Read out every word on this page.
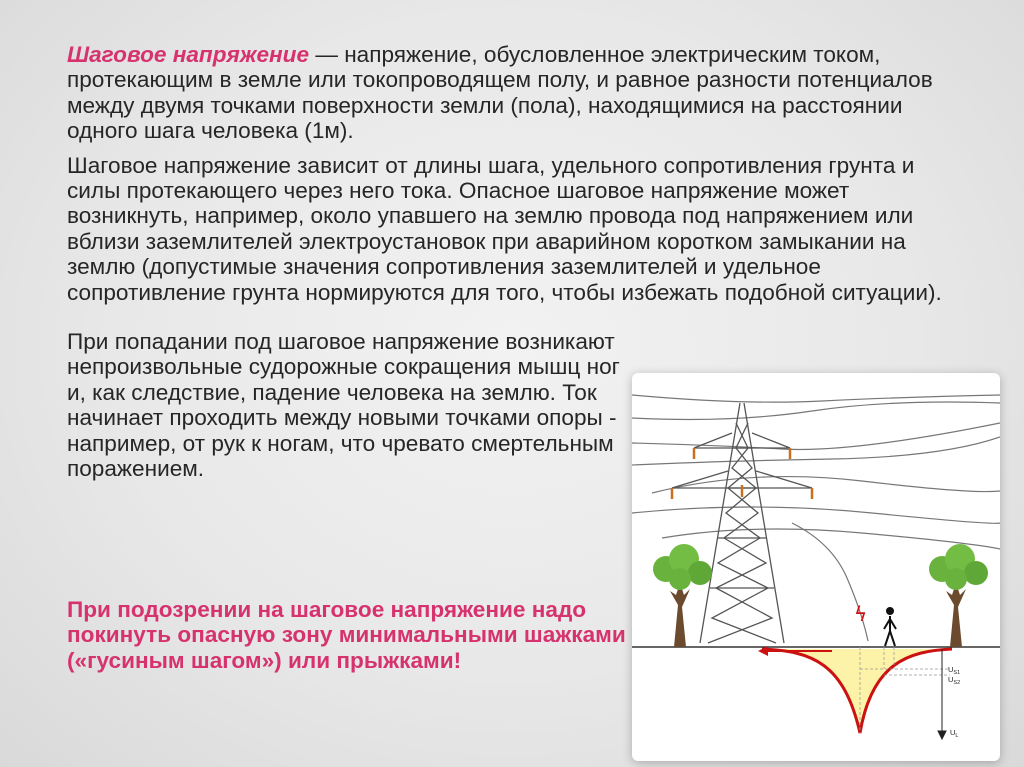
Шаговое напряжение — напряжение, обусловленное электрическим током, протекающим в земле или токопроводящем полу, и равное разности потенциалов между двумя точками поверхности земли (пола), находящимися на расстоянии одного шага человека (1м).

Шаговое напряжение зависит от длины шага, удельного сопротивления грунта и силы протекающего через него тока. Опасное шаговое напряжение может возникнуть, например, около упавшего на землю провода под напряжением или вблизи заземлителей электроустановок при аварийном коротком замыкании на землю (допустимые значения сопротивления заземлителей и удельное сопротивление грунта нормируются для того, чтобы избежать подобной ситуации).

При попадании под шаговое напряжение возникают непроизвольные судорожные сокращения мышц ног и, как следствие, падение человека на землю. Ток начинает проходить между новыми точками опоры - например, от рук к ногам, что чревато смертельным поражением.

При подозрении на шаговое напряжение надо покинуть опасную зону минимальными шажками («гусиным шагом») или прыжками!	$U_{S1}$
$U_{S2}$
$U_L$
ϟ
